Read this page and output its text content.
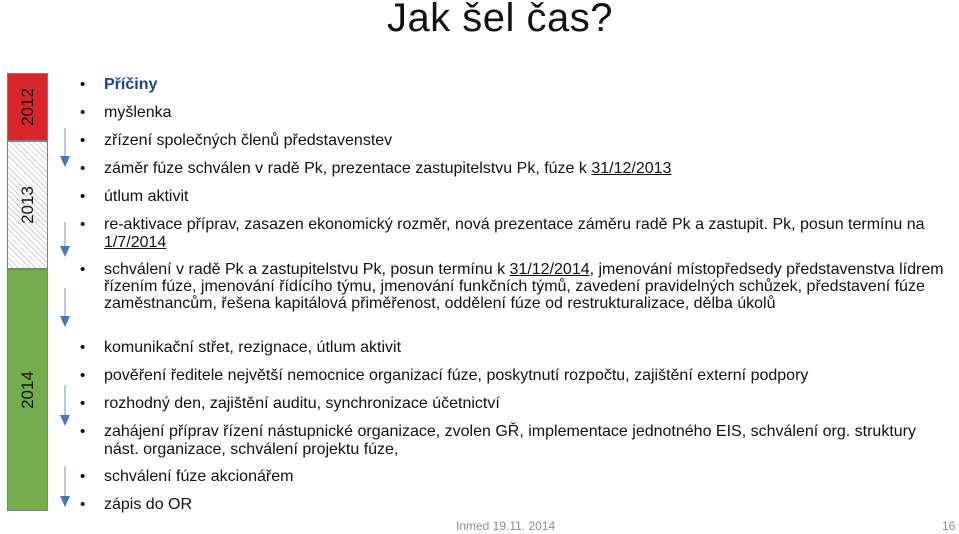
Jak šel čas?
2012
2013
2014
• Příčiny
• myšlenka
• zřízení společných členů představenstev
• záměr fúze schválen v radě Pk, prezentace zastupitelstvu Pk, fúze k 31/12/2013
• útlum aktivit
• re-aktivace příprav, zasazen ekonomický rozměr, nová prezentace záměru radě Pk a zastupit. Pk, posun termínu na 1/7/2014
• schválení v radě Pk a zastupitelstvu Pk, posun termínu k 31/12/2014, jmenování místopředsedy představenstva lídrem řízením fúze, jmenování řídícího týmu, jmenování funkčních týmů, zavedení pravidelných schůzek, představení fúze zaměstnancům, řešena kapitálová přiměřenost, oddělení fúze od restrukturalizace, dělba úkolů
• komunikační střet, rezignace, útlum aktivit
• pověření ředitele největší nemocnice organizací fúze, poskytnutí rozpočtu, zajištění externí podpory
• rozhodný den, zajištění auditu, synchronizace účetnictví
• zahájení příprav řízení nástupnické organizace, zvolen GŘ, implementace jednotného EIS, schválení org. struktury nást. organizace, schválení projektu fúze,
• schválení fúze akcionářem
• zápis do OR
Inmed 19.11. 2014	16
